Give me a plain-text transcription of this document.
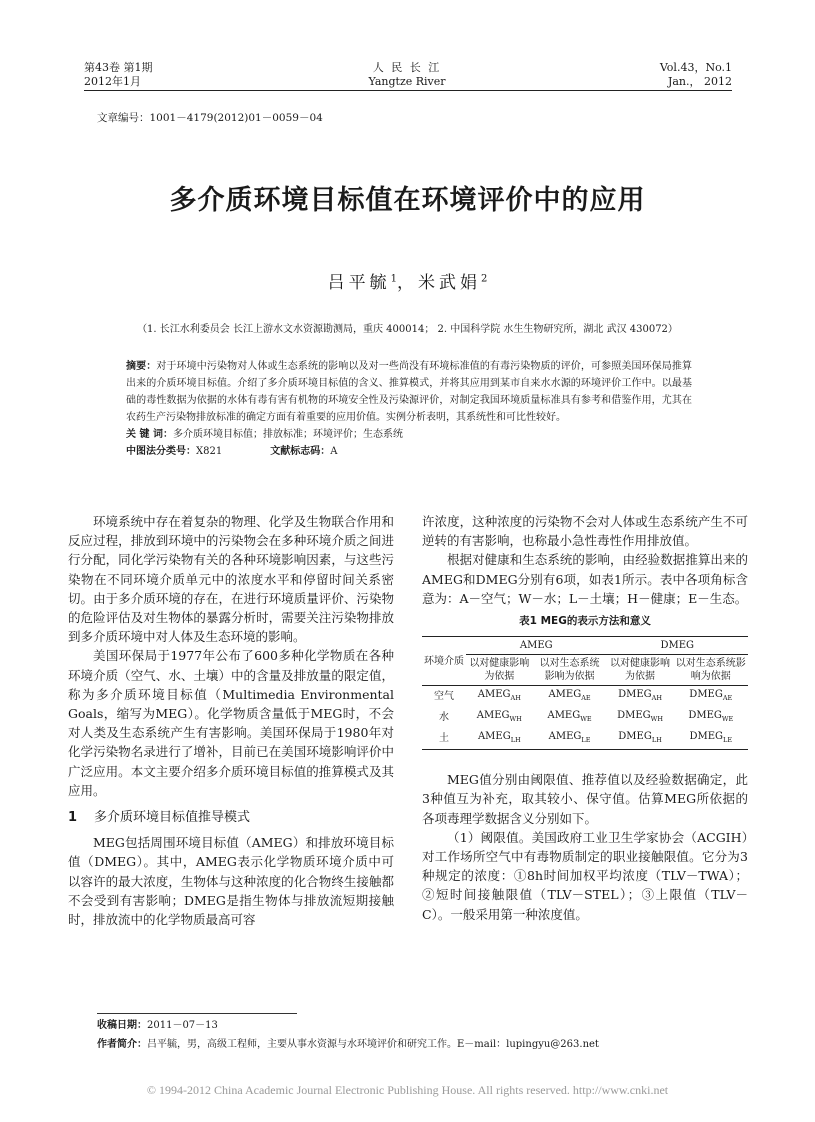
第43卷 第1期
2012年1月
人 民 长 江
Yangtze River
Vol.43，No.1
Jan.， 2012
文章编号：1001－4179(2012)01－0059－04
多介质环境目标值在环境评价中的应用
吕平毓$^1$，米武娟$^2$
（1. 长江水利委员会 长江上游水文水资源勘测局，重庆 400014； 2. 中国科学院 水生生物研究所，湖北 武汉 430072）
摘要：对于环境中污染物对人体或生态系统的影响以及对一些尚没有环境标准值的有毒污染物质的评价，可参照美国环保局推算出来的介质环境目标值。介绍了多介质环境目标值的含义、推算模式，并将其应用到某市自来水水源的环境评价工作中。以最基础的毒性数据为依据的水体有毒有害有机物的环境安全性及污染源评价，对制定我国环境质量标准具有参考和借鉴作用，尤其在农药生产污染物排放标准的确定方面有着重要的应用价值。实例分析表明，其系统性和可比性较好。
关 键 词：多介质环境目标值；排放标准；环境评价；生态系统
中图法分类号：X821	文献标志码：A

环境系统中存在着复杂的物理、化学及生物联合作用和反应过程，排放到环境中的污染物会在多种环境介质之间进行分配，同化学污染物有关的各种环境影响因素，与这些污染物在不同环境介质单元中的浓度水平和停留时间关系密切。由于多介质环境的存在，在进行环境质量评价、污染物的危险评估及对生物体的暴露分析时，需要关注污染物排放到多介质环境中对人体及生态环境的影响。

美国环保局于1977年公布了600多种化学物质在各种环境介质（空气、水、土壤）中的含量及排放量的限定值，称为多介质环境目标值（Multimedia Environmental Goals，缩写为MEG）。化学物质含量低于MEG时，不会对人类及生态系统产生有害影响。美国环保局于1980年对化学污染物名录进行了增补，目前已在美国环境影响评价中广泛应用。本文主要介绍多介质环境目标值的推算模式及其应用。

1 多介质环境目标值推导模式

MEG包括周围环境目标值（AMEG）和排放环境目标值（DMEG）。其中，AMEG表示化学物质环境介质中可以容许的最大浓度，生物体与这种浓度的化合物终生接触都不会受到有害影响；DMEG是指生物体与排放流短期接触时，排放流中的化学物质最高可容

许浓度，这种浓度的污染物不会对人体或生态系统产生不可逆转的有害影响，也称最小急性毒性作用排放值。

根据对健康和生态系统的影响，由经验数据推算出来的AMEG和DMEG分别有6项，如表1所示。表中各项角标含意为：A－空气；W－水；L－土壤；H－健康；E－生态。

表1 MEG的表示方法和意义
环境介质	AMEG		DMEG	
	以对健康影响为依据	以对生态系统影响为依据	以对健康影响为依据	以对生态系统影响为依据
空气	$AMEG_{AH}$	$AMEG_{AE}$	$DMEG_{AH}$	$DMEG_{AE}$
水	$AMEG_{WH}$	$AMEG_{WE}$	$DMEG_{WH}$	$DMEG_{WE}$
土	$AMEG_{LH}$	$AMEG_{LE}$	$DMEG_{LH}$	$DMEG_{LE}$

MEG值分别由阈限值、推荐值以及经验数据确定，此3种值互为补充，取其较小、保守值。估算MEG所依据的各项毒理学数据含义分别如下。

（1）阈限值。美国政府工业卫生学家协会（ACGIH）对工作场所空气中有毒物质制定的职业接触限值。它分为3种规定的浓度：①8h时间加权平均浓度（TLV－TWA）；②短时间接触限值（TLV－STEL）；③上限值（TLV－C）。一般采用第一种浓度值。

收稿日期：2011－07－13
作者简介：吕平毓，男，高级工程师，主要从事水资源与水环境评价和研究工作。E－mail：lupingyu@263.net
© 1994-2012 China Academic Journal Electronic Publishing House. All rights reserved. http://www.cnki.net
